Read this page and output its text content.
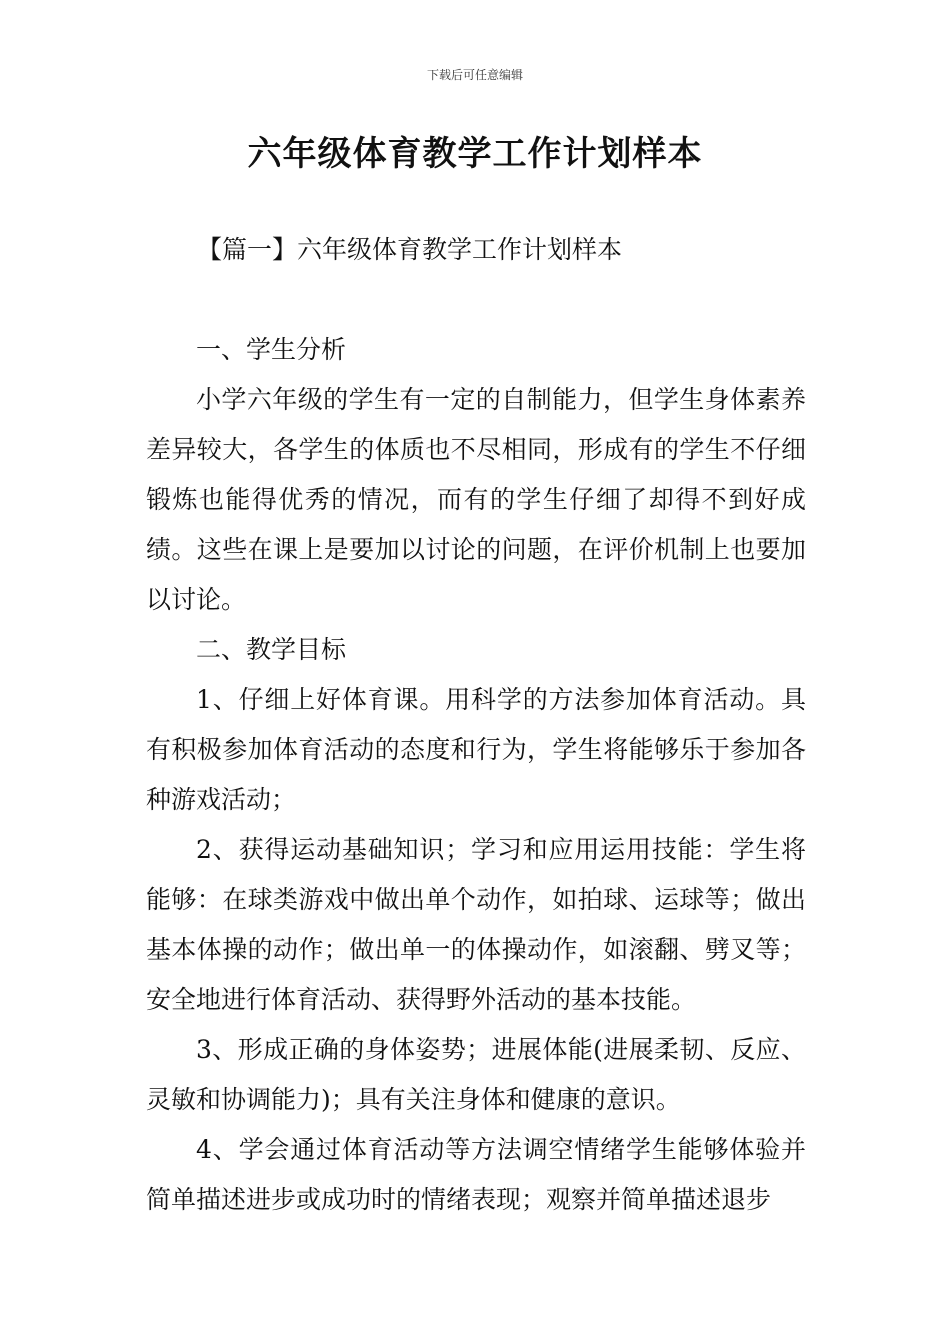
下载后可任意编辑
六年级体育教学工作计划样本
【篇一】六年级体育教学工作计划样本

一、学生分析

小学六年级的学生有一定的自制能力，但学生身体素养差异较大，各学生的体质也不尽相同，形成有的学生不仔细锻炼也能得优秀的情况，而有的学生仔细了却得不到好成绩。这些在课上是要加以讨论的问题，在评价机制上也要加以讨论。

二、教学目标

1、仔细上好体育课。用科学的方法参加体育活动。具有积极参加体育活动的态度和行为，学生将能够乐于参加各种游戏活动；

2、获得运动基础知识；学习和应用运用技能：学生将能够：在球类游戏中做出单个动作，如拍球、运球等；做出基本体操的动作；做出单一的体操动作，如滚翻、劈叉等；安全地进行体育活动、获得野外活动的基本技能。

3、形成正确的身体姿势；进展体能(进展柔韧、反应、灵敏和协调能力)；具有关注身体和健康的意识。

4、学会通过体育活动等方法调空情绪学生能够体验并简单描述进步或成功时的情绪表现；观察并简单描述退步
